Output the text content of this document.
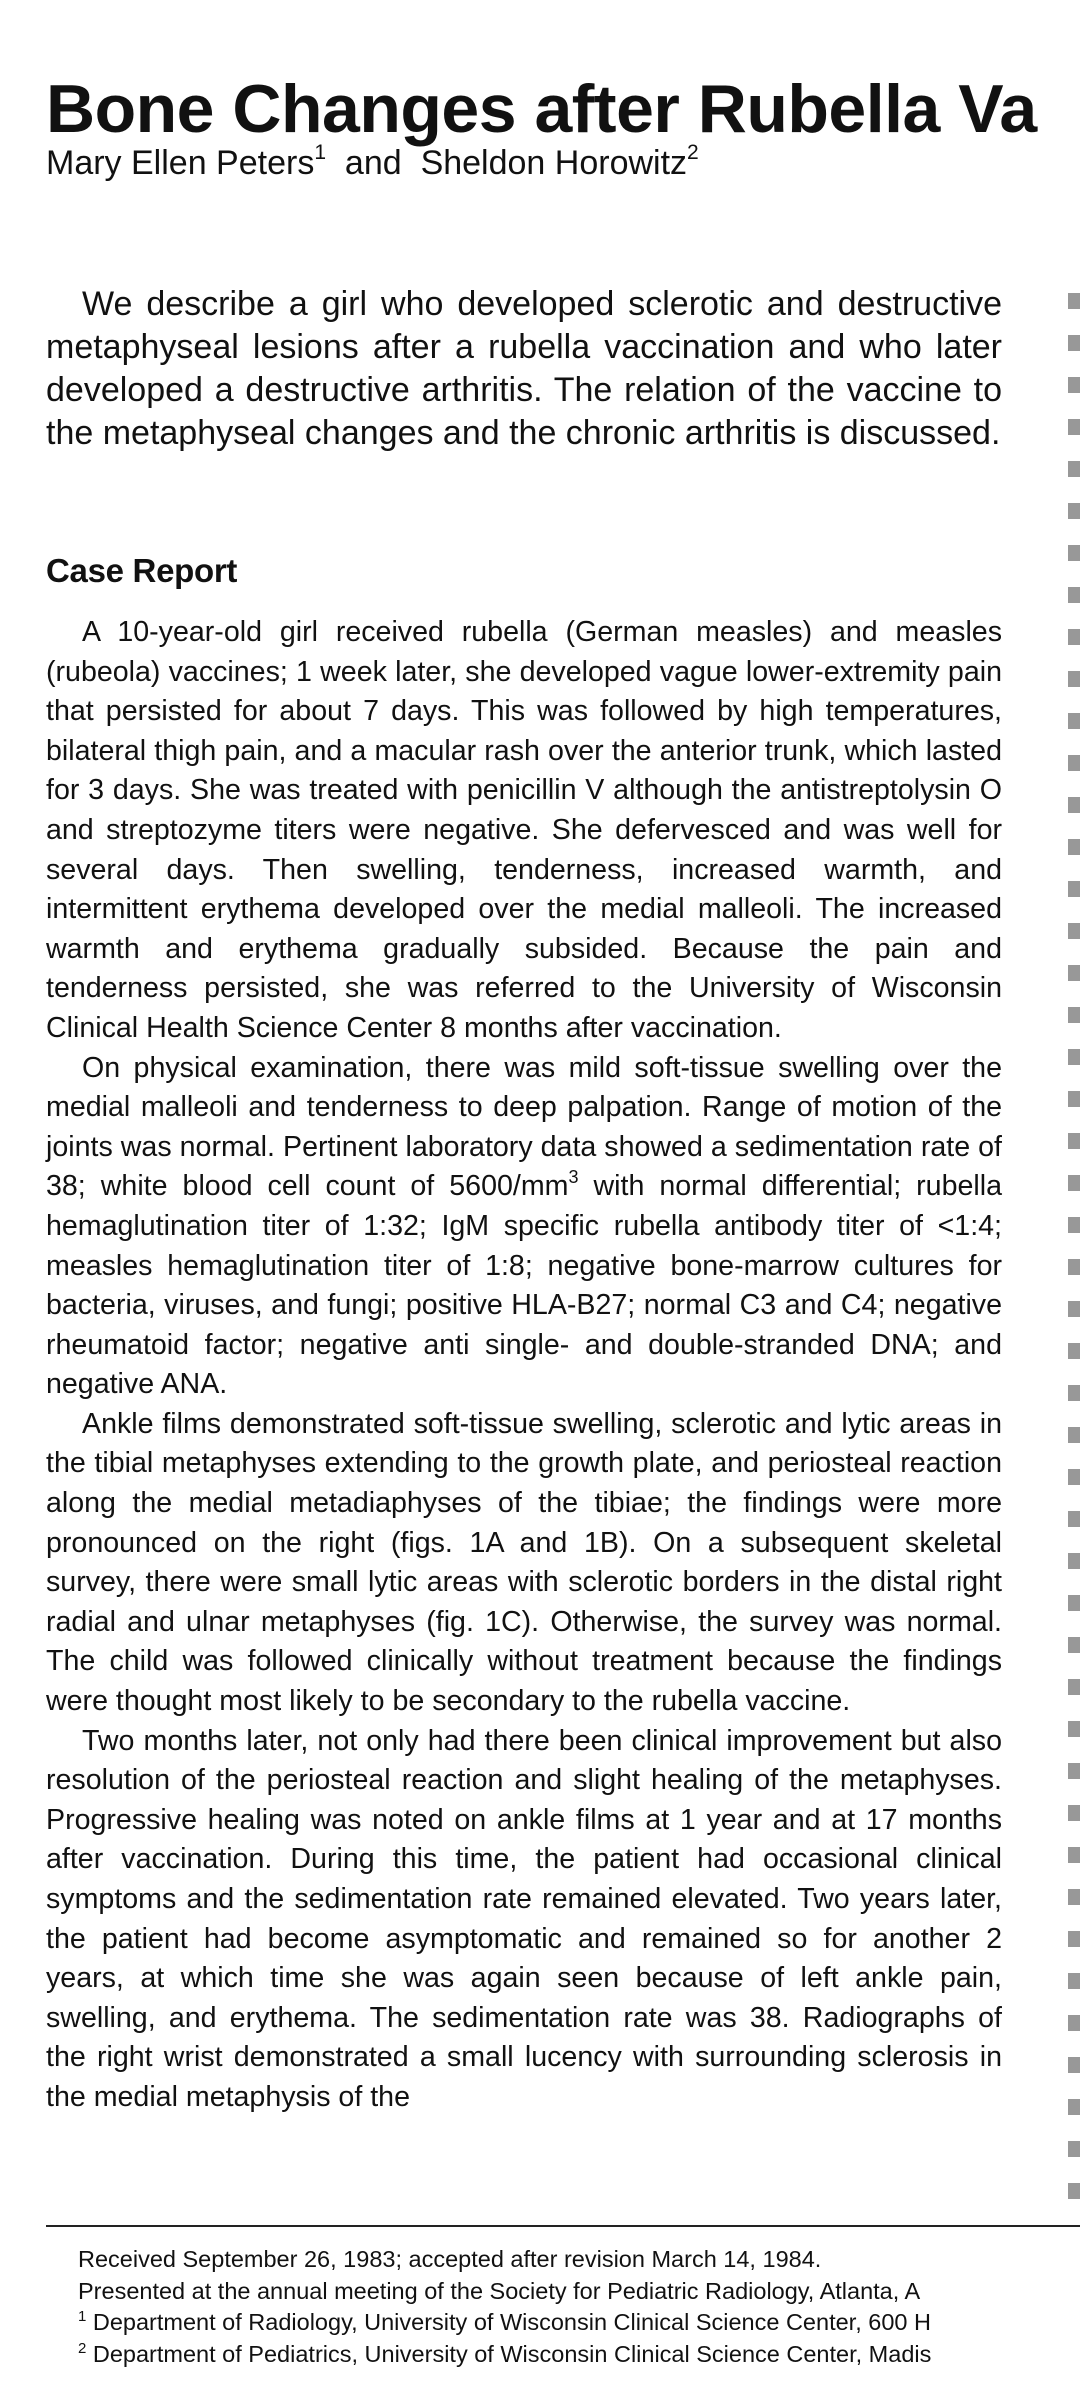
Bone Changes after Rubella Va
Mary Ellen Peters$^1$ and Sheldon Horowitz$^2$

We describe a girl who developed sclerotic and destructive metaphyseal lesions after a rubella vaccination and who later developed a destructive arthritis. The relation of the vaccine to the metaphyseal changes and the chronic arthritis is discussed.

Case Report

A 10-year-old girl received rubella (German measles) and measles (rubeola) vaccines; 1 week later, she developed vague lower-extremity pain that persisted for about 7 days. This was followed by high temperatures, bilateral thigh pain, and a macular rash over the anterior trunk, which lasted for 3 days. She was treated with penicillin V although the antistreptolysin O and streptozyme titers were negative. She defervesced and was well for several days. Then swelling, tenderness, increased warmth, and intermittent erythema developed over the medial malleoli. The increased warmth and erythema gradually subsided. Because the pain and tenderness persisted, she was referred to the University of Wisconsin Clinical Health Science Center 8 months after vaccination.

On physical examination, there was mild soft-tissue swelling over the medial malleoli and tenderness to deep palpation. Range of motion of the joints was normal. Pertinent laboratory data showed a sedimentation rate of 38; white blood cell count of $5600/mm^3$ with normal differential; rubella hemaglutination titer of 1:32; IgM specific rubella antibody titer of <1:4; measles hemaglutination titer of 1:8; negative bone-marrow cultures for bacteria, viruses, and fungi; positive HLA-B27; normal C3 and C4; negative rheumatoid factor; negative anti single- and double-stranded DNA; and negative ANA.

Ankle films demonstrated soft-tissue swelling, sclerotic and lytic areas in the tibial metaphyses extending to the growth plate, and periosteal reaction along the medial metadiaphyses of the tibiae; the findings were more pronounced on the right (figs. 1A and 1B). On a subsequent skeletal survey, there were small lytic areas with sclerotic borders in the distal right radial and ulnar metaphyses (fig. 1C). Otherwise, the survey was normal. The child was followed clinically without treatment because the findings were thought most likely to be secondary to the rubella vaccine.

Two months later, not only had there been clinical improvement but also resolution of the periosteal reaction and slight healing of the metaphyses. Progressive healing was noted on ankle films at 1 year and at 17 months after vaccination. During this time, the patient had occasional clinical symptoms and the sedimentation rate remained elevated. Two years later, the patient had become asymptomatic and remained so for another 2 years, at which time she was again seen because of left ankle pain, swelling, and erythema. The sedimentation rate was 38. Radiographs of the right wrist demonstrated a small lucency with surrounding sclerosis in the medial metaphysis of the

Received September 26, 1983; accepted after revision March 14, 1984.
Presented at the annual meeting of the Society for Pediatric Radiology, Atlanta, A
$^1$ Department of Radiology, University of Wisconsin Clinical Science Center, 600 H
$^2$ Department of Pediatrics, University of Wisconsin Clinical Science Center, Madis
